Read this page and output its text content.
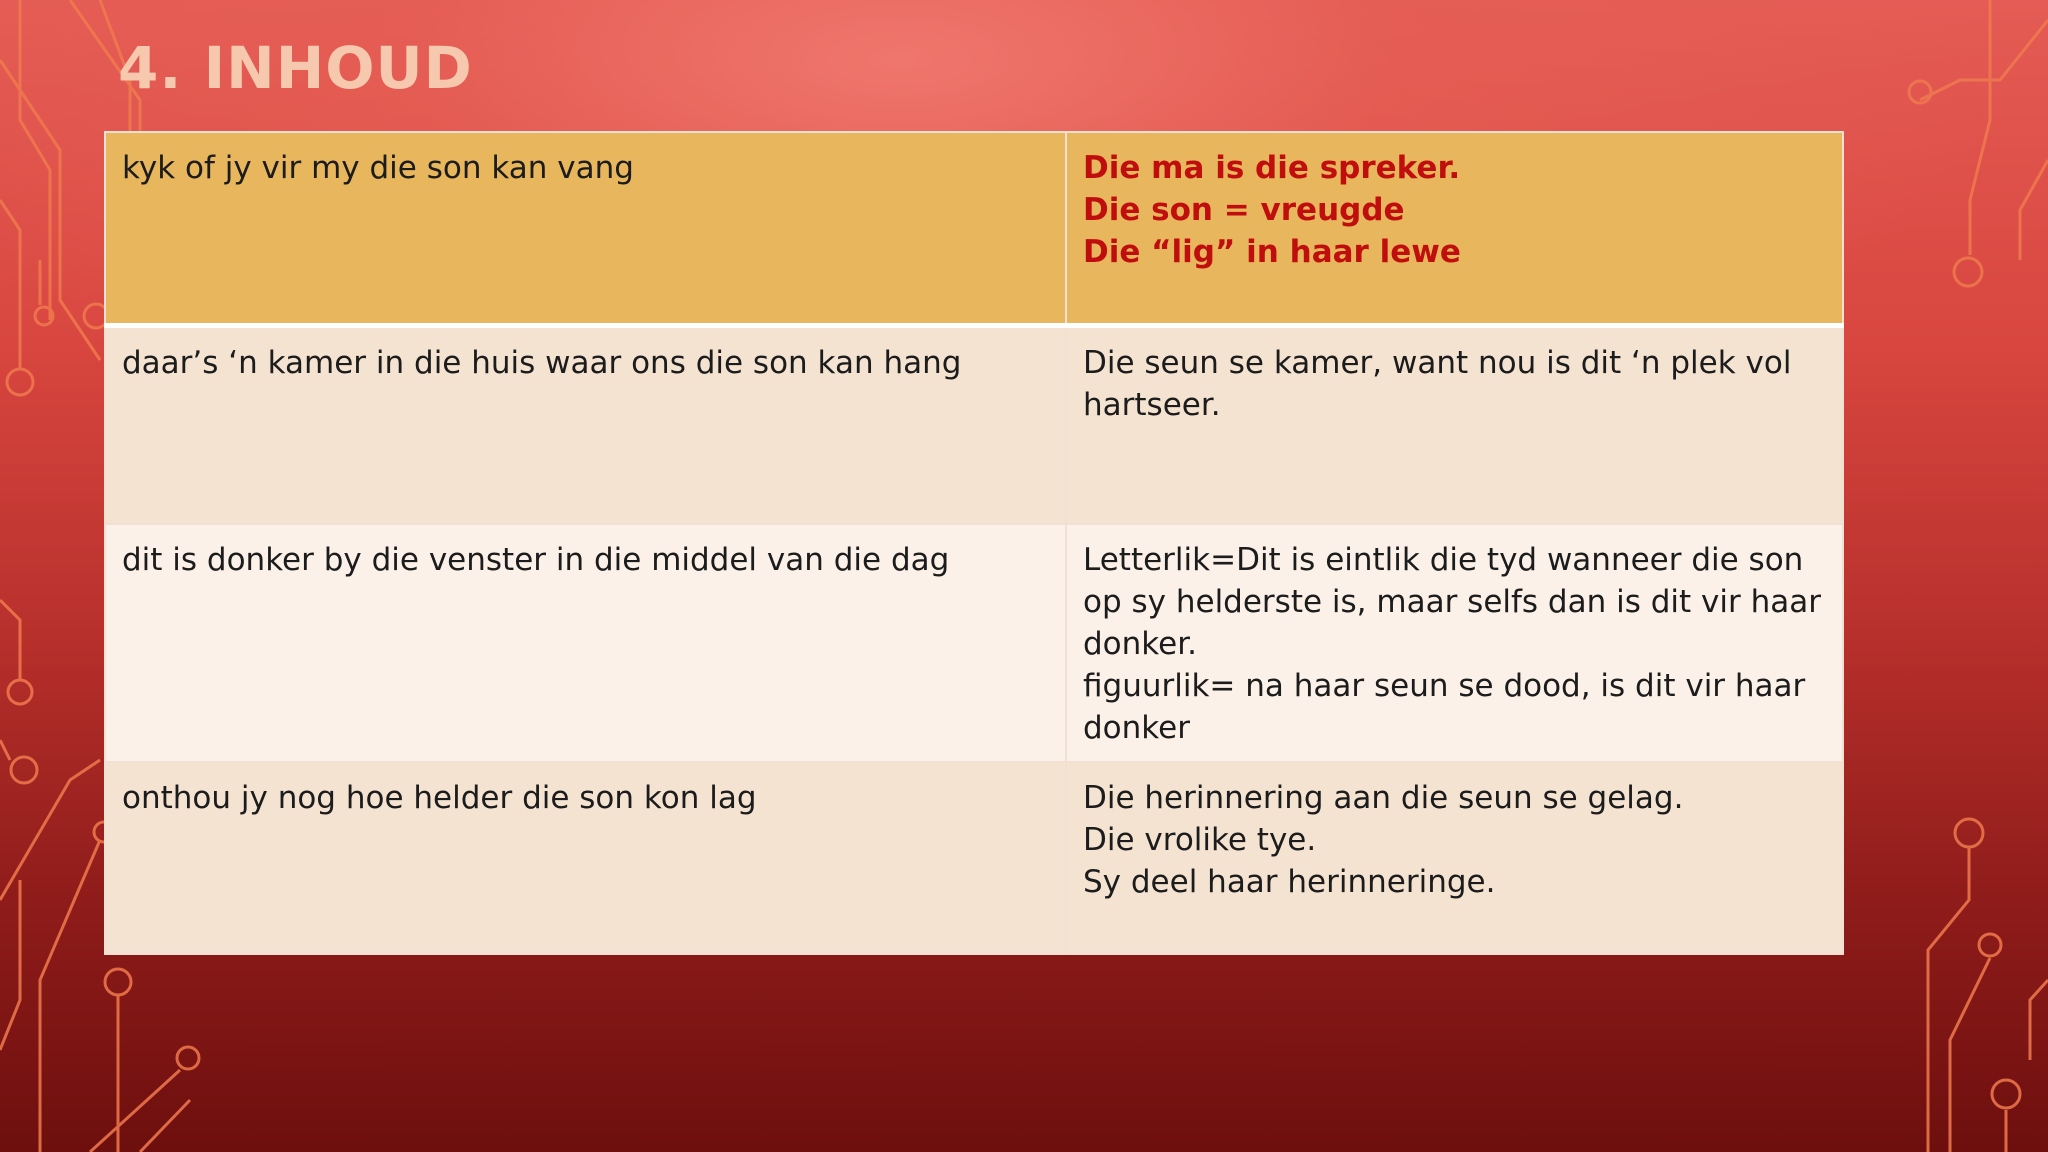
4. INHOUD
kyk of jy vir my die son kan vang	Die ma is die spreker.
Die son = vreugde
Die “lig” in haar lewe

daar’s ‘n kamer in die huis waar ons die son kan hang	Die seun se kamer, want nou is dit ‘n plek vol hartseer.

dit is donker by die venster in die middel van die dag	Letterlik=Dit is eintlik die tyd wanneer die son op sy helderste is, maar selfs dan is dit vir haar donker.
figuurlik= na haar seun se dood, is dit vir haar donker

onthou jy nog hoe helder die son kon lag	Die herinnering aan die seun se gelag.
Die vrolike tye.
Sy deel haar herinneringe.
